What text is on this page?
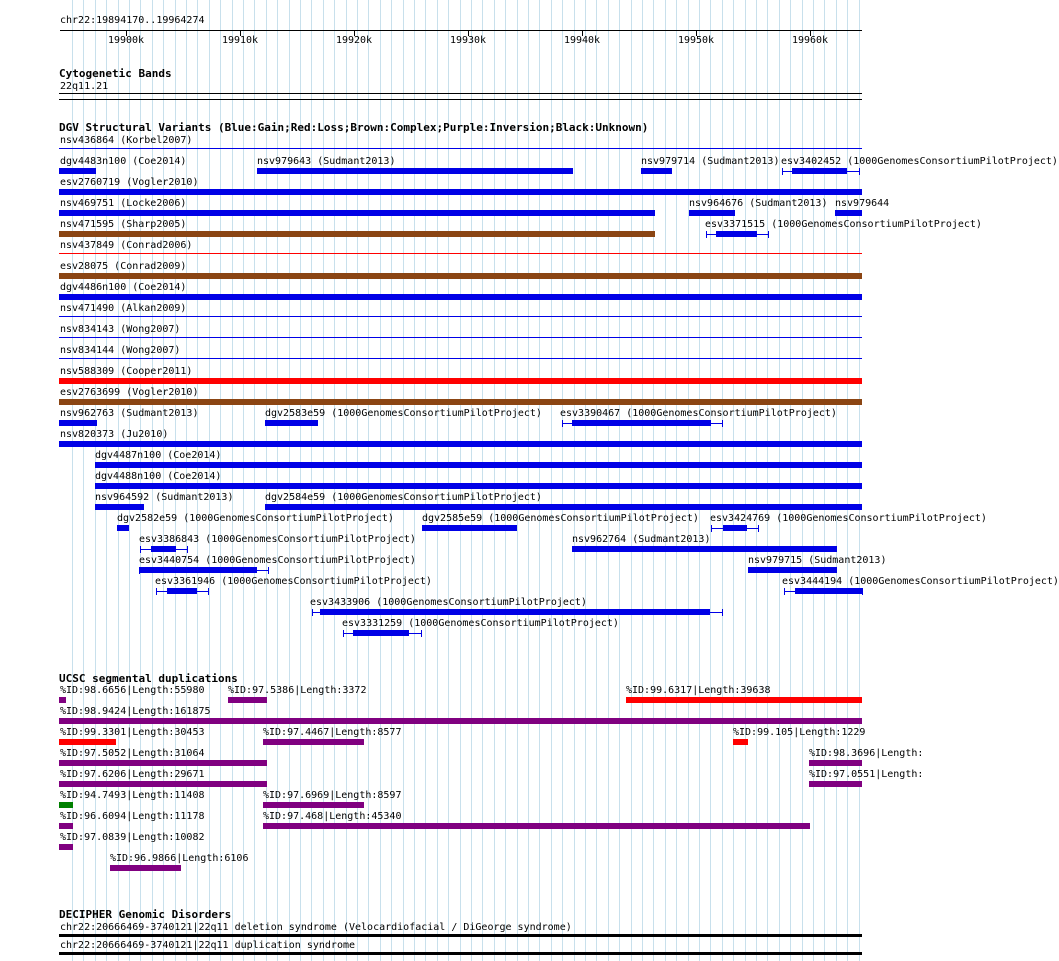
chr22:19894170..19964274
19900k	19910k	19920k	19930k	19940k	19950k	19960k
Cytogenetic Bands
22q11.21
DGV Structural Variants (Blue:Gain;Red:Loss;Brown:Complex;Purple:Inversion;Black:Unknown)
nsv436864 (Korbel2007)
dgv4483n100 (Coe2014)	nsv979643 (Sudmant2013)	nsv979714 (Sudmant2013) esv3402452 (1000GenomesConsortiumPilotProject)
esv2760719 (Vogler2010)
nsv469751 (Locke2006)	nsv964676 (Sudmant2013) nsv979644
nsv471595 (Sharp2005)	esv3371515 (1000GenomesConsortiumPilotProject)
nsv437849 (Conrad2006)
esv28075 (Conrad2009)
dgv4486n100 (Coe2014)
nsv471490 (Alkan2009)
nsv834143 (Wong2007)
nsv834144 (Wong2007)
nsv588309 (Cooper2011)
esv2763699 (Vogler2010)
nsv962763 (Sudmant2013)	dgv2583e59 (1000GenomesConsortiumPilotProject) esv3390467 (1000GenomesConsortiumPilotProject)
nsv820373 (Ju2010)
dgv4487n100 (Coe2014)
dgv4488n100 (Coe2014)
nsv964592 (Sudmant2013)	dgv2584e59 (1000GenomesConsortiumPilotProject)
dgv2582e59 (1000GenomesConsortiumPilotProject)	dgv2585e59 (1000GenomesConsortiumPilotProject) esv3424769 (1000GenomesConsortiumPilotProject)
esv3386843 (1000GenomesConsortiumPilotProject)	nsv962764 (Sudmant2013)
esv3440754 (1000GenomesConsortiumPilotProject)	nsv979715 (Sudmant2013)
esv3361946 (1000GenomesConsortiumPilotProject)	esv3444194 (1000GenomesConsortiumPilotProject)
esv3433906 (1000GenomesConsortiumPilotProject)
esv3331259 (1000GenomesConsortiumPilotProject)
UCSC segmental duplications
%ID:98.6656|Length:55980 %ID:97.5386|Length:3372	%ID:99.6317|Length:39638
%ID:98.9424|Length:161875
%ID:99.3301|Length:30453	%ID:97.4467|Length:8577	%ID:99.105|Length:1229
%ID:97.5052|Length:31064	%ID:98.3696|Length:
%ID:97.6206|Length:29671	%ID:97.0551|Length:
%ID:94.7493|Length:11408	%ID:97.6969|Length:8597
%ID:96.6094|Length:11178	%ID:97.468|Length:45340
%ID:97.0839|Length:10082
%ID:96.9866|Length:6106
DECIPHER Genomic Disorders
chr22:20666469-3740121|22q11 deletion syndrome (Velocardiofacial / DiGeorge syndrome)
chr22:20666469-3740121|22q11 duplication syndrome
